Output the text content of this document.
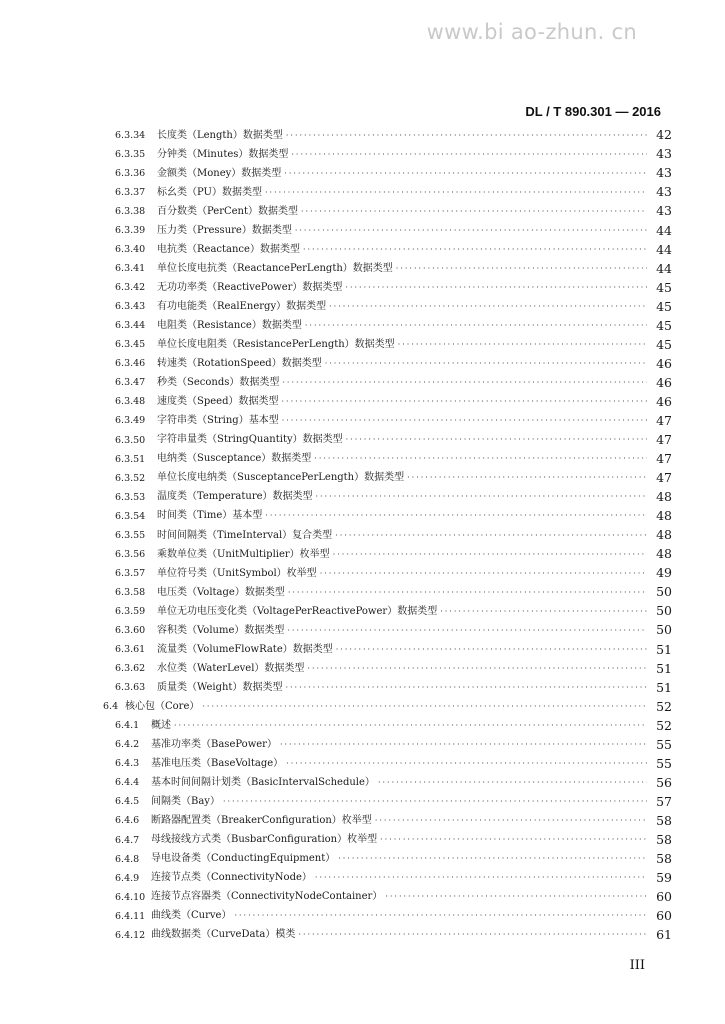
www.bi ao-zhun. cn
DL / T 890.301 — 2016
6.3.34	长度类（Length）数据类型 ·····	42
6.3.35	分钟类（Minutes）数据类型 ·····	43
6.3.36	金额类（Money）数据类型 ·····	43
6.3.37	标幺类（PU）数据类型 ·····	43
6.3.38	百分数类（PerCent）数据类型 ·····	43
6.3.39	压力类（Pressure）数据类型 ·····	44
6.3.40	电抗类（Reactance）数据类型 ·····	44
6.3.41	单位长度电抗类（ReactancePerLength）数据类型 ·····	44
6.3.42	无功功率类（ReactivePower）数据类型 ·····	45
6.3.43	有功电能类（RealEnergy）数据类型 ·····	45
6.3.44	电阻类（Resistance）数据类型 ·····	45
6.3.45	单位长度电阻类（ResistancePerLength）数据类型 ·····	45
6.3.46	转速类（RotationSpeed）数据类型 ·····	46
6.3.47	秒类（Seconds）数据类型 ·····	46
6.3.48	速度类（Speed）数据类型 ·····	46
6.3.49	字符串类（String）基本型 ·····	47
6.3.50	字符串量类（StringQuantity）数据类型 ·····	47
6.3.51	电纳类（Susceptance）数据类型 ·····	47
6.3.52	单位长度电纳类（SusceptancePerLength）数据类型 ·····	47
6.3.53	温度类（Temperature）数据类型 ·····	48
6.3.54	时间类（Time）基本型 ·····	48
6.3.55	时间间隔类（TimeInterval）复合类型 ·····	48
6.3.56	乘数单位类（UnitMultiplier）枚举型 ·····	48
6.3.57	单位符号类（UnitSymbol）枚举型 ·····	49
6.3.58	电压类（Voltage）数据类型 ·····	50
6.3.59	单位无功电压变化类（VoltagePerReactivePower）数据类型 ·····	50
6.3.60	容积类（Volume）数据类型 ·····	50
6.3.61	流量类（VolumeFlowRate）数据类型 ·····	51
6.3.62	水位类（WaterLevel）数据类型 ·····	51
6.3.63	质量类（Weight）数据类型 ·····	51
6.4 核心包（Core） ·····	52
6.4.1	概述 ·····	52
6.4.2	基准功率类（BasePower） ·····	55
6.4.3	基准电压类（BaseVoltage） ·····	55
6.4.4	基本时间间隔计划类（BasicIntervalSchedule） ·····	56
6.4.5	间隔类（Bay） ·····	57
6.4.6	断路器配置类（BreakerConfiguration）枚举型 ·····	58
6.4.7	母线接线方式类（BusbarConfiguration）枚举型 ·····	58
6.4.8	导电设备类（ConductingEquipment） ·····	58
6.4.9	连接节点类（ConnectivityNode） ·····	59
6.4.10 连接节点容器类（ConnectivityNodeContainer） ·····	60
6.4.11 曲线类（Curve） ·····	60
6.4.12 曲线数据类（CurveData）模类 ·····	61
III
